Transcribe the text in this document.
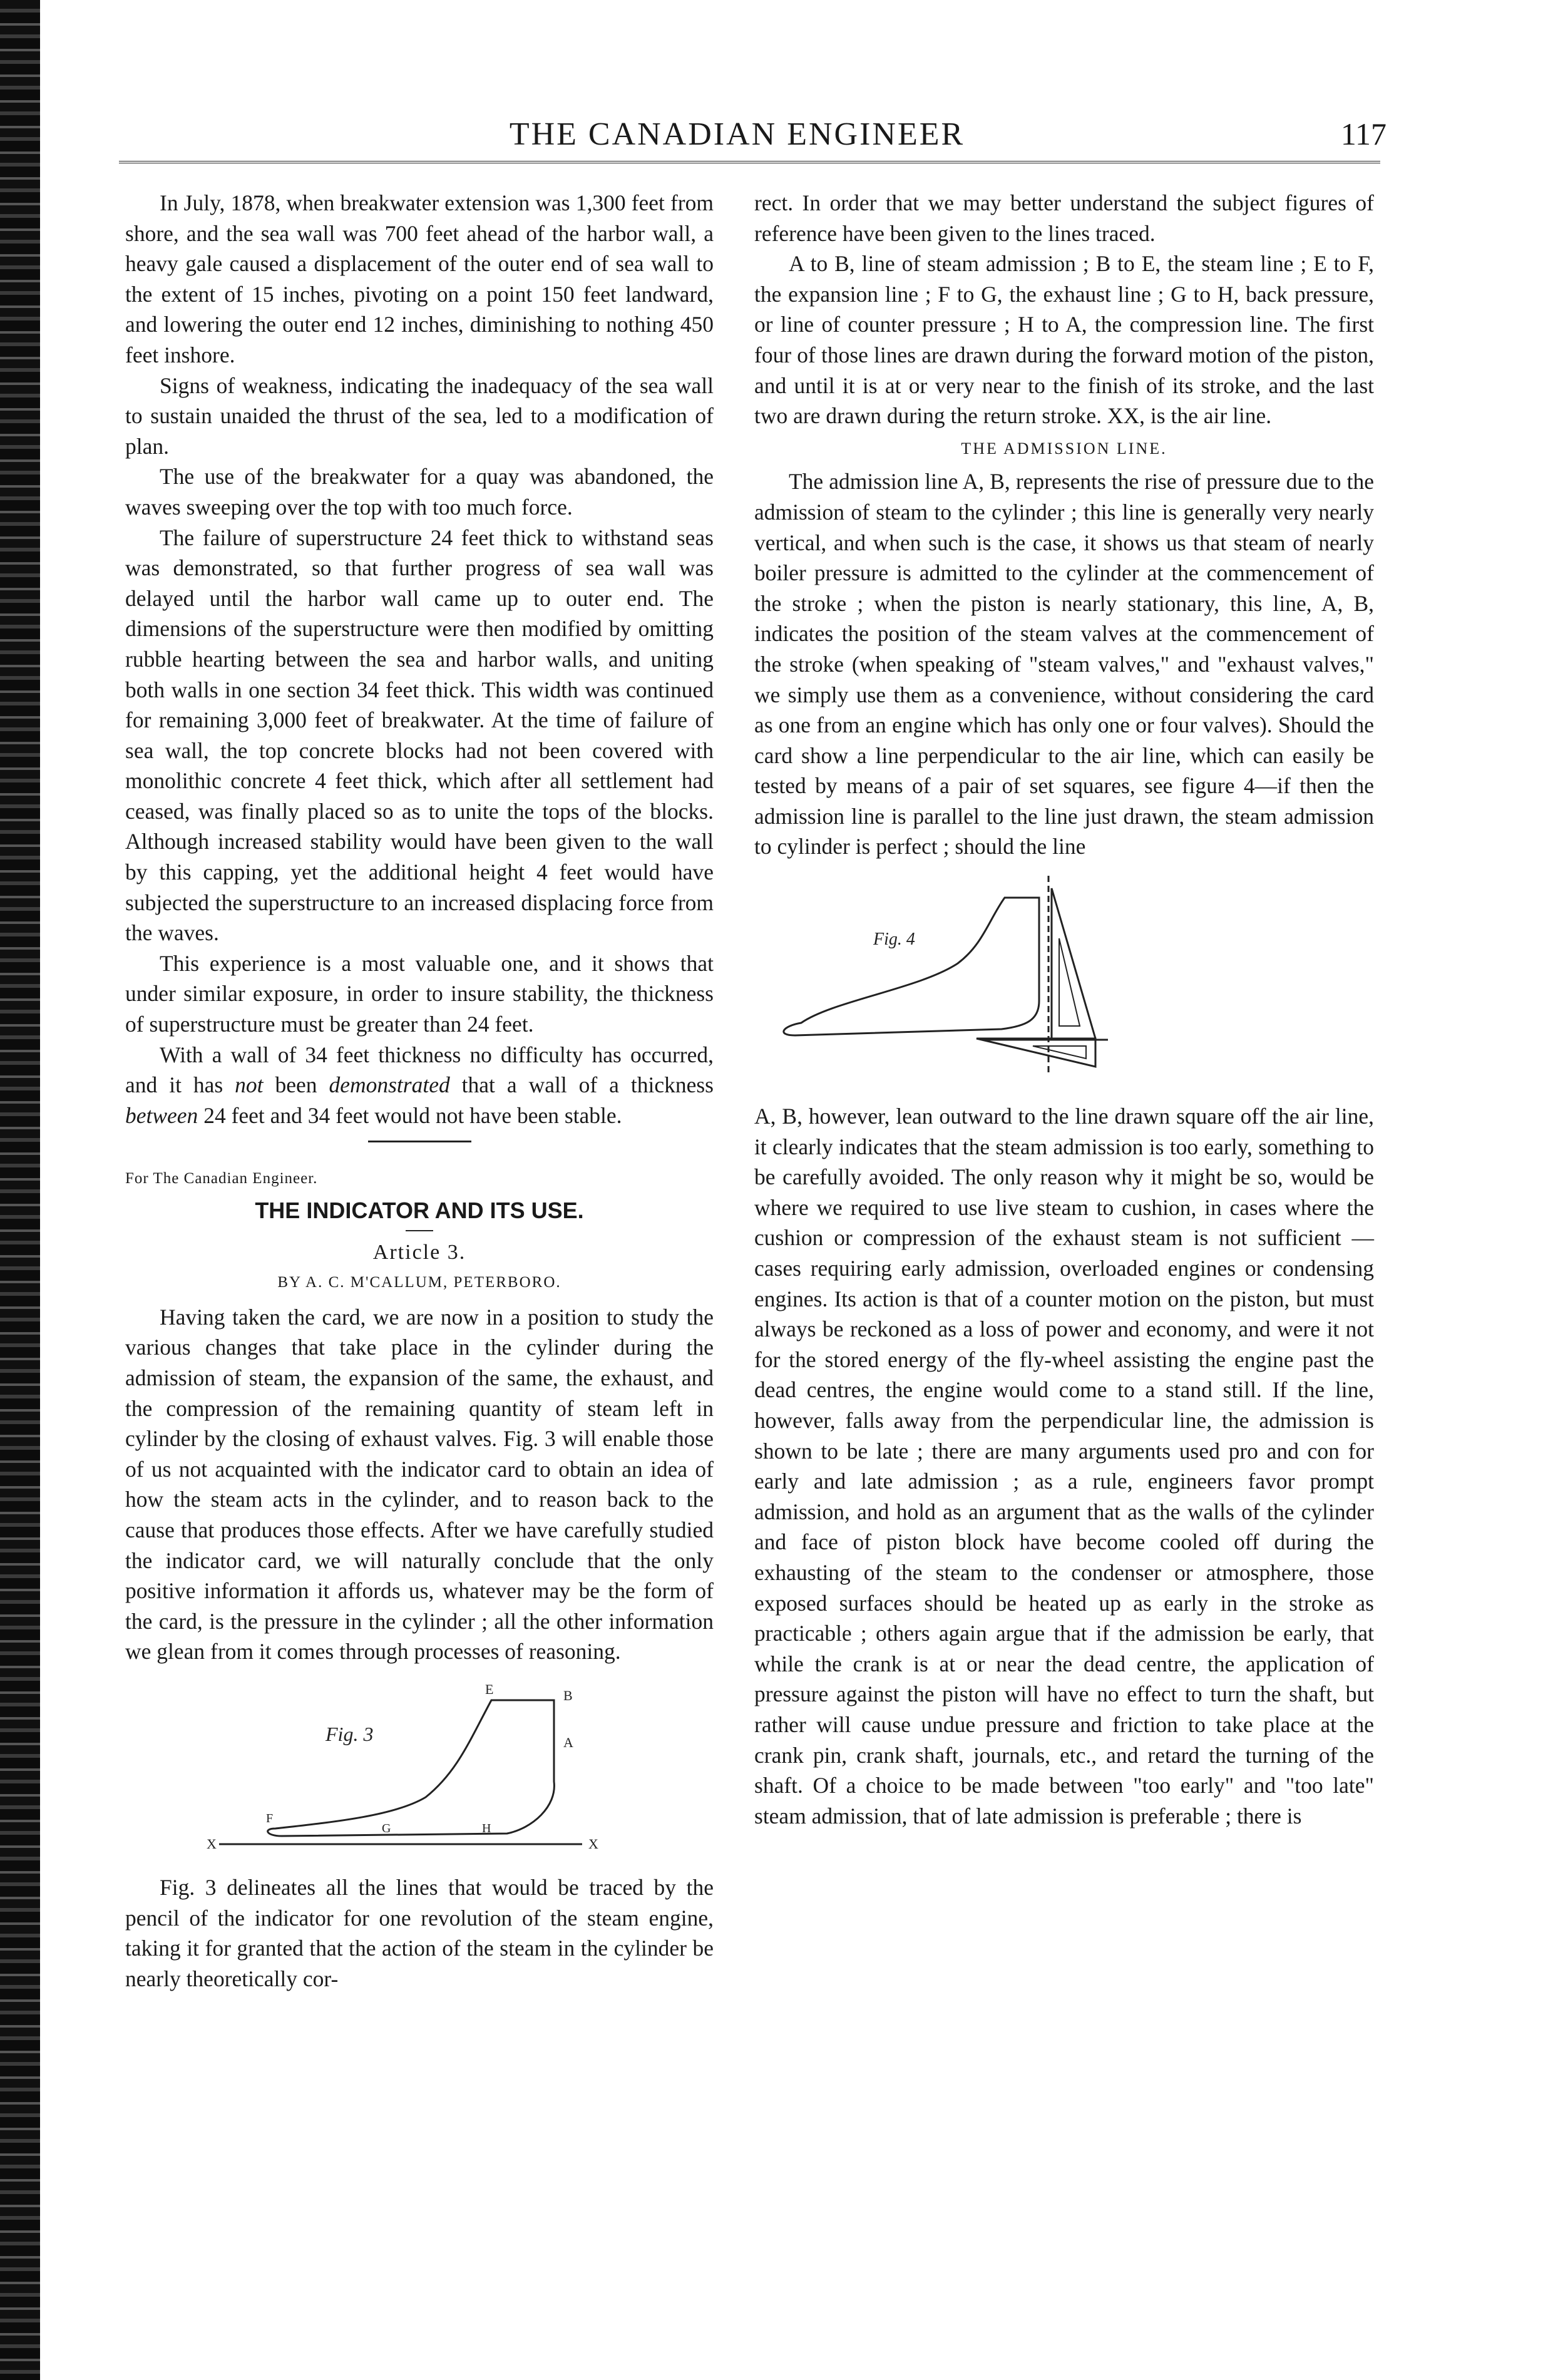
THE CANADIAN ENGINEER	117

In July, 1878, when breakwater extension was 1,300 feet from shore, and the sea wall was 700 feet ahead of the harbor wall, a heavy gale caused a displacement of the outer end of sea wall to the extent of 15 inches, pivoting on a point 150 feet landward, and lowering the outer end 12 inches, diminishing to nothing 450 feet inshore.

Signs of weakness, indicating the inadequacy of the sea wall to sustain unaided the thrust of the sea, led to a modification of plan.

The use of the breakwater for a quay was abandoned, the waves sweeping over the top with too much force.

The failure of superstructure 24 feet thick to withstand seas was demonstrated, so that further progress of sea wall was delayed until the harbor wall came up to outer end. The dimensions of the superstructure were then modified by omitting rubble hearting between the sea and harbor walls, and uniting both walls in one section 34 feet thick. This width was continued for remaining 3,000 feet of breakwater. At the time of failure of sea wall, the top concrete blocks had not been covered with monolithic concrete 4 feet thick, which after all settlement had ceased, was finally placed so as to unite the tops of the blocks. Although increased stability would have been given to the wall by this capping, yet the additional height 4 feet would have subjected the superstructure to an increased displacing force from the waves.

This experience is a most valuable one, and it shows that under similar exposure, in order to insure stability, the thickness of superstructure must be greater than 24 feet.

With a wall of 34 feet thickness no difficulty has occurred, and it has not been demonstrated that a wall of a thickness between 24 feet and 34 feet would not have been stable.

For The Canadian Engineer.
THE INDICATOR AND ITS USE.
Article 3.
BY A. C. M'CALLUM, PETERBORO.

Having taken the card, we are now in a position to study the various changes that take place in the cylinder during the admission of steam, the expansion of the same, the exhaust, and the compression of the remaining quantity of steam left in cylinder by the closing of exhaust valves. Fig. 3 will enable those of us not acquainted with the indicator card to obtain an idea of how the steam acts in the cylinder, and to reason back to the cause that produces those effects. After we have carefully studied the indicator card, we will naturally conclude that the only positive information it affords us, whatever may be the form of the card, is the pressure in the cylinder ; all the other information we glean from it comes through processes of reasoning.

Fig. 3
E	B
A
H
G
F
X	X

Fig. 3 delineates all the lines that would be traced by the pencil of the indicator for one revolution of the steam engine, taking it for granted that the action of the steam in the cylinder be nearly theoretically cor-

rect. In order that we may better understand the subject figures of reference have been given to the lines traced.

A to B, line of steam admission ; B to E, the steam line ; E to F, the expansion line ; F to G, the exhaust line ; G to H, back pressure, or line of counter pressure ; H to A, the compression line. The first four of those lines are drawn during the forward motion of the piston, and until it is at or very near to the finish of its stroke, and the last two are drawn during the return stroke. XX, is the air line.

THE ADMISSION LINE.

The admission line A, B, represents the rise of pressure due to the admission of steam to the cylinder ; this line is generally very nearly vertical, and when such is the case, it shows us that steam of nearly boiler pressure is admitted to the cylinder at the commencement of the stroke ; when the piston is nearly stationary, this line, A, B, indicates the position of the steam valves at the commencement of the stroke (when speaking of "steam valves," and "exhaust valves," we simply use them as a convenience, without considering the card as one from an engine which has only one or four valves). Should the card show a line perpendicular to the air line, which can easily be tested by means of a pair of set squares, see figure 4—if then the admission line is parallel to the line just drawn, the steam admission to cylinder is perfect ; should the line

Fig. 4

A, B, however, lean outward to the line drawn square off the air line, it clearly indicates that the steam admission is too early, something to be carefully avoided. The only reason why it might be so, would be where we required to use live steam to cushion, in cases where the cushion or compression of the exhaust steam is not sufficient — cases requiring early admission, overloaded engines or condensing engines. Its action is that of a counter motion on the piston, but must always be reckoned as a loss of power and economy, and were it not for the stored energy of the fly-wheel assisting the engine past the dead centres, the engine would come to a stand still. If the line, however, falls away from the perpendicular line, the admission is shown to be late ; there are many arguments used pro and con for early and late admission ; as a rule, engineers favor prompt admission, and hold as an argument that as the walls of the cylinder and face of piston block have become cooled off during the exhausting of the steam to the condenser or atmosphere, those exposed surfaces should be heated up as early in the stroke as practicable ; others again argue that if the admission be early, that while the crank is at or near the dead centre, the application of pressure against the piston will have no effect to turn the shaft, but rather will cause undue pressure and friction to take place at the crank pin, crank shaft, journals, etc., and retard the turning of the shaft. Of a choice to be made between "too early" and "too late" steam admission, that of late admission is preferable ; there is
